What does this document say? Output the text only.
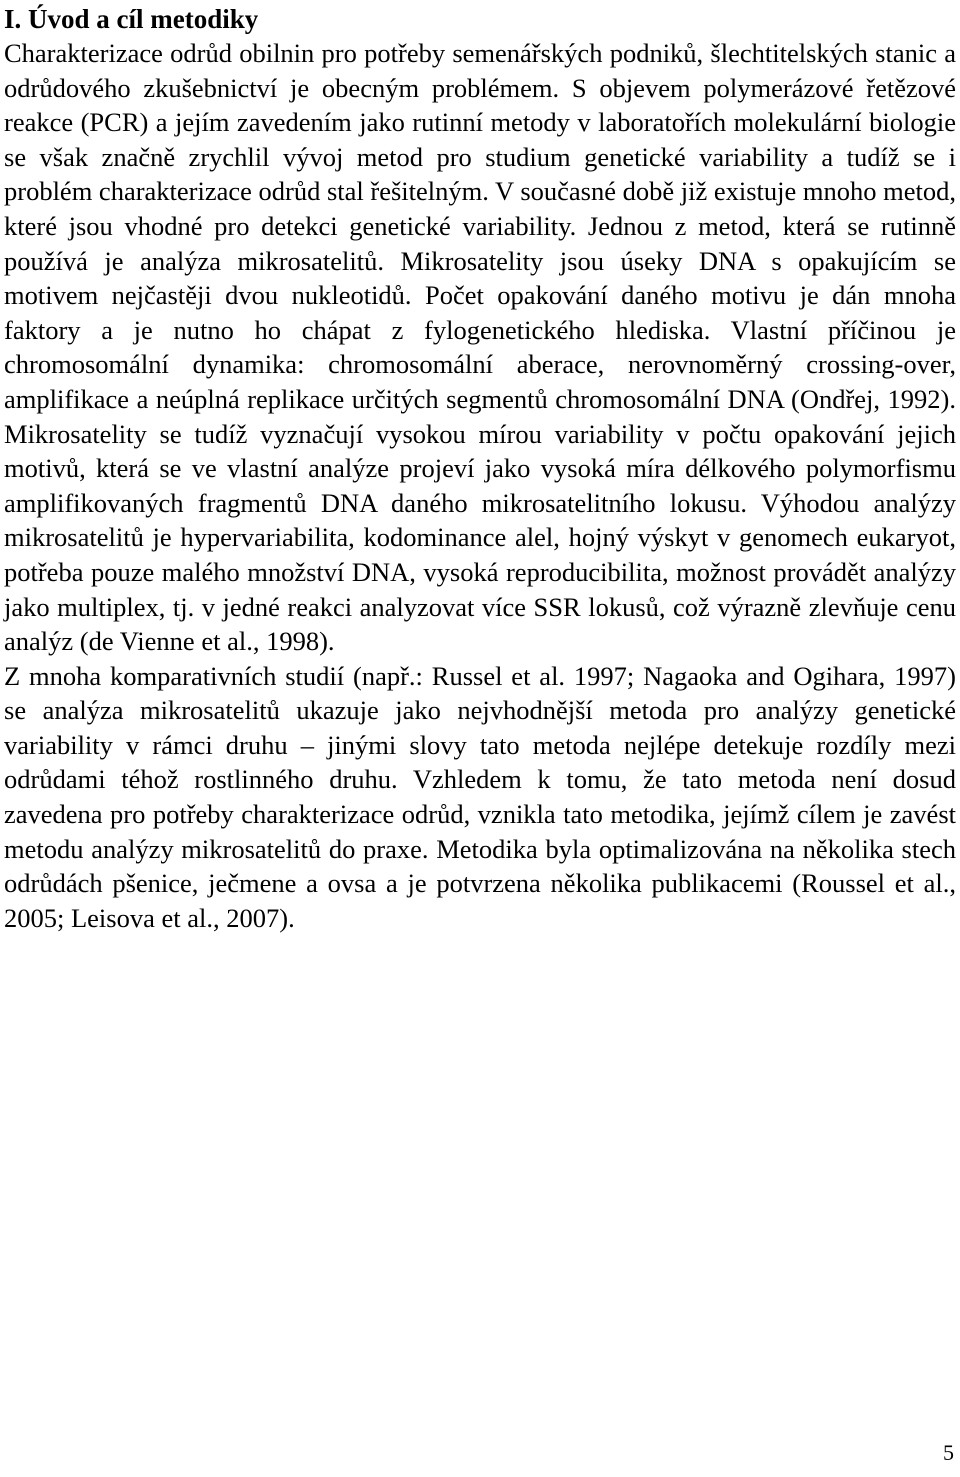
I. Úvod a cíl metodiky

Charakterizace odrůd obilnin pro potřeby semenářských podniků, šlechtitelských stanic a odrůdového zkušebnictví je obecným problémem. S objevem polymerázové řetězové reakce (PCR) a jejím zavedením jako rutinní metody v laboratořích molekulární biologie se však značně zrychlil vývoj metod pro studium genetické variability a tudíž se i problém charakterizace odrůd stal řešitelným. V současné době již existuje mnoho metod, které jsou vhodné pro detekci genetické variability. Jednou z metod, která se rutinně používá je analýza mikrosatelitů. Mikrosatelity jsou úseky DNA s opakujícím se motivem nejčastěji dvou nukleotidů. Počet opakování daného motivu je dán mnoha faktory a je nutno ho chápat z fylogenetického hlediska. Vlastní příčinou je chromosomální dynamika: chromosomální aberace, nerovnoměrný crossing-over, amplifikace a neúplná replikace určitých segmentů chromosomální DNA (Ondřej, 1992). Mikrosatelity se tudíž vyznačují vysokou mírou variability v počtu opakování jejich motivů, která se ve vlastní analýze projeví jako vysoká míra délkového polymorfismu amplifikovaných fragmentů DNA daného mikrosatelitního lokusu. Výhodou analýzy mikrosatelitů je hypervariabilita, kodominance alel, hojný výskyt v genomech eukaryot, potřeba pouze malého množství DNA, vysoká reproducibilita, možnost provádět analýzy jako multiplex, tj. v jedné reakci analyzovat více SSR lokusů, což výrazně zlevňuje cenu analýz (de Vienne et al., 1998).

Z mnoha komparativních studií (např.: Russel et al. 1997; Nagaoka and Ogihara, 1997) se analýza mikrosatelitů ukazuje jako nejvhodnější metoda pro analýzy genetické variability v rámci druhu – jinými slovy tato metoda nejlépe detekuje rozdíly mezi odrůdami téhož rostlinného druhu. Vzhledem k tomu, že tato metoda není dosud zavedena pro potřeby charakterizace odrůd, vznikla tato metodika, jejímž cílem je zavést metodu analýzy mikrosatelitů do praxe. Metodika byla optimalizována na několika stech odrůdách pšenice, ječmene a ovsa a je potvrzena několika publikacemi (Roussel et al., 2005; Leisova et al., 2007).

5
